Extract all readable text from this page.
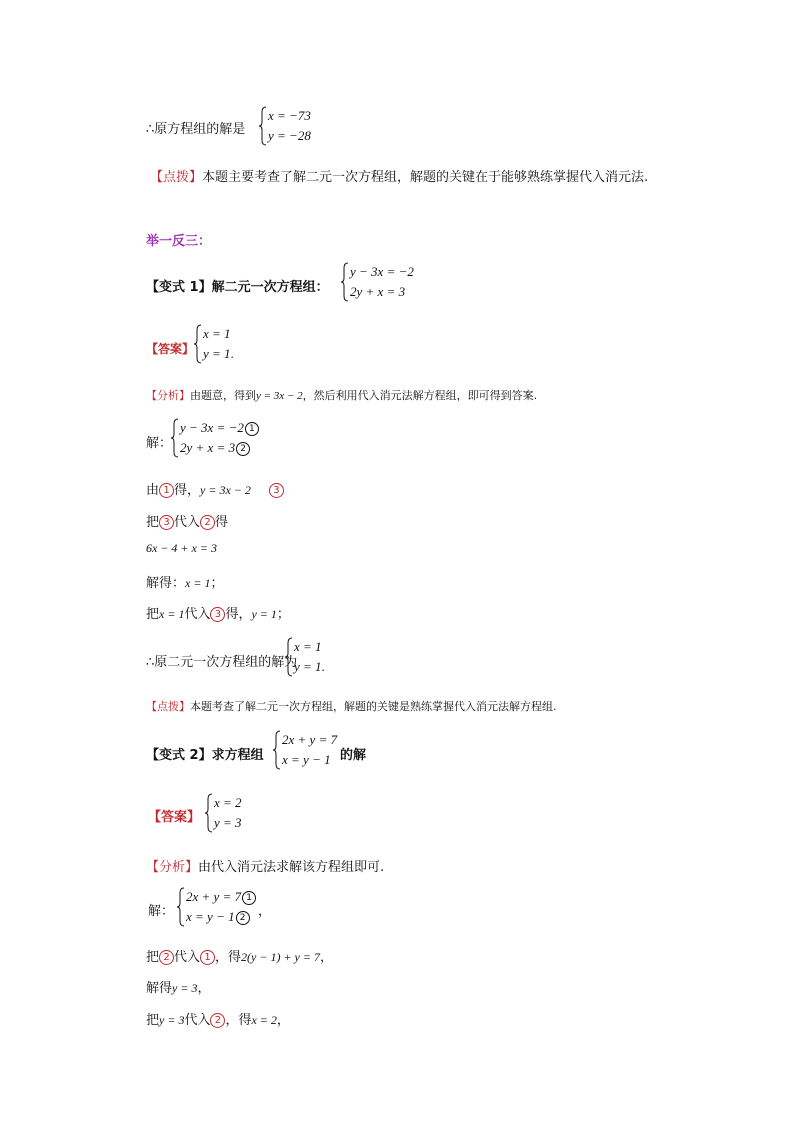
∴原方程组的解是
x = −73
y = −28
【点拨】本题主要考查了解二元一次方程组，解题的关键在于能够熟练掌握代入消元法.
举一反三：
【变式 1】解二元一次方程组：
y − 3x = −2
2y + x = 3
【答案】
x = 1
y = 1.
【分析】由题意，得到y = 3x − 2，然后利用代入消元法解方程组，即可得到答案.
解：
y − 3x = −2 1
2y + x = 3 2
由 1 得，y = 3x − 2 3
把 3 代入 2 得
6x − 4 + x = 3
解得：x = 1；
把x = 1代入 3 得，y = 1；
∴原二元一次方程组的解为
x = 1
y = 1.
【点拨】本题考查了解二元一次方程组，解题的关键是熟练掌握代入消元法解方程组.
【变式 2】求方程组
2x + y = 7
x = y − 1 的解
【答案】
x = 2
y = 3
【分析】由代入消元法求解该方程组即可.
解：
2x + y = 7 1
x = y − 1 2 ，
把 2 代入 1 ，得2(y − 1) + y = 7，
解得y = 3，
把y = 3代入 2 ，得x = 2，
